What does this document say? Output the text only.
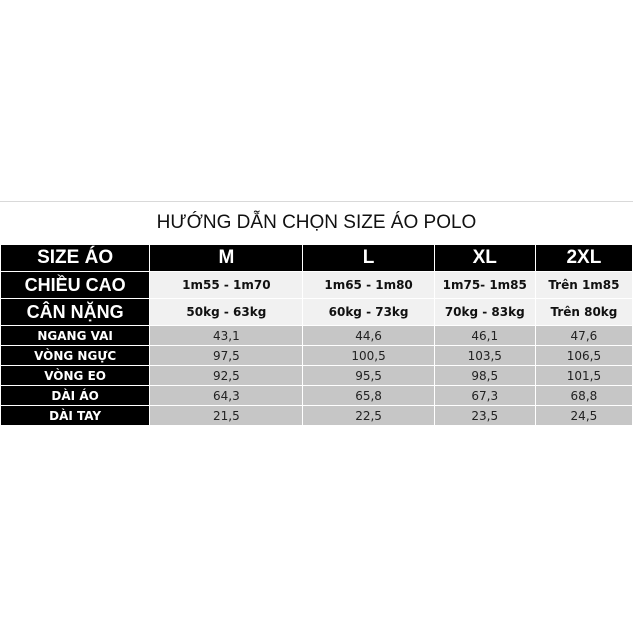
HƯỚNG DẪN CHỌN SIZE ÁO POLO
SIZE ÁO	M	L	XL	2XL
CHIỀU CAO	1m55 - 1m70	1m65 - 1m80	1m75- 1m85	Trên 1m85
CÂN NẶNG	50kg - 63kg	60kg - 73kg	70kg - 83kg	Trên 80kg
NGANG VAI	43,1	44,6	46,1	47,6
VÒNG NGỰC	97,5	100,5	103,5	106,5
VÒNG EO	92,5	95,5	98,5	101,5
DÀI ÁO	64,3	65,8	67,3	68,8
DÀI TAY	21,5	22,5	23,5	24,5
